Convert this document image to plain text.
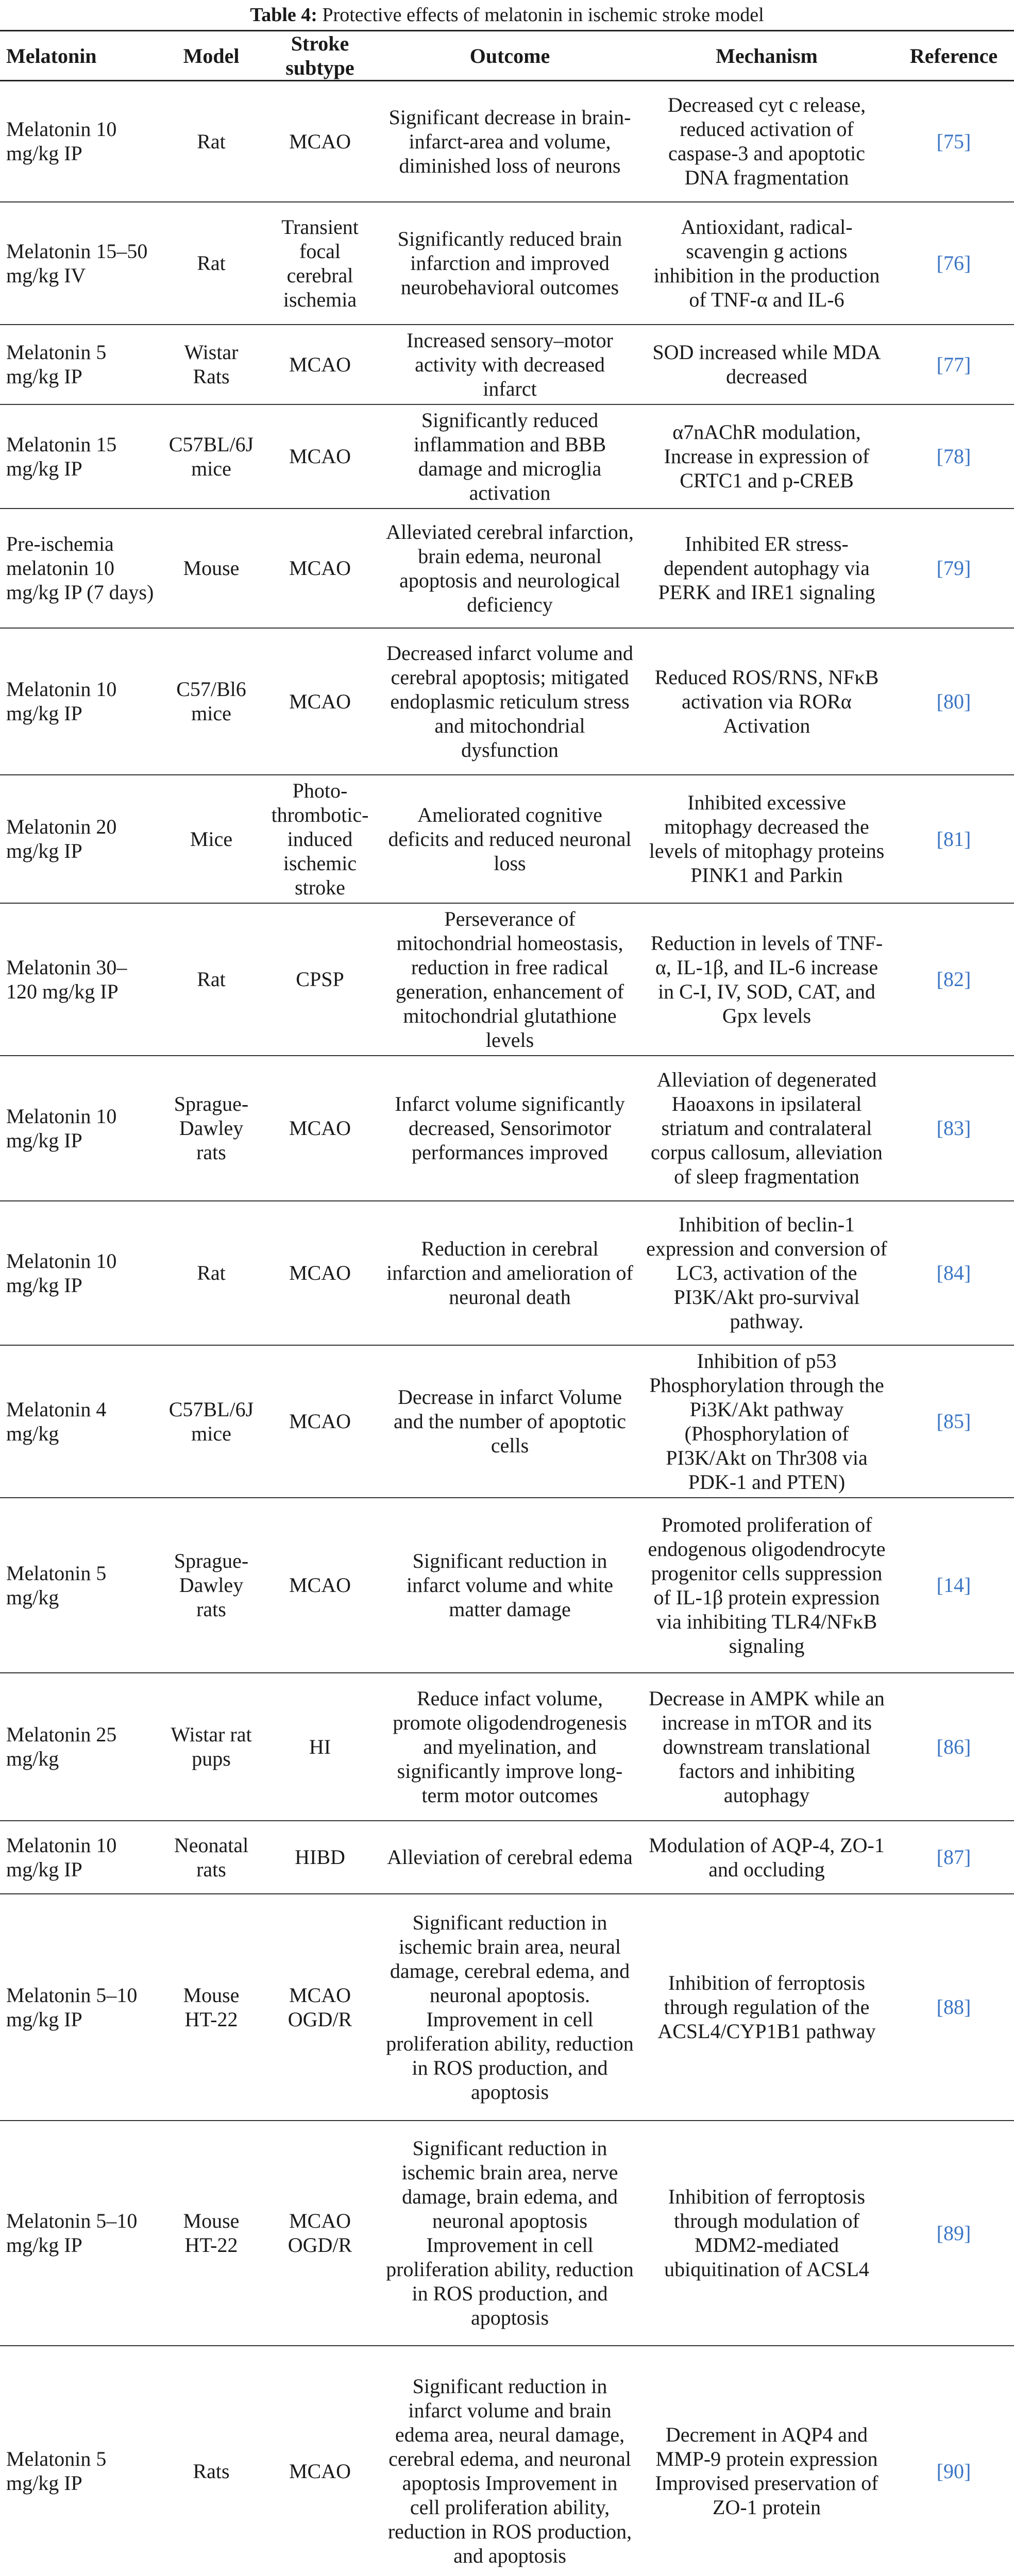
Table 4: Protective effects of melatonin in ischemic stroke model
Melatonin	Model	Stroke subtype	Outcome	Mechanism	Reference
Melatonin 10 mg/kg IP	Rat	MCAO	Significant decrease in brain-infarct-area and volume, diminished loss of neurons	Decreased cyt c release, reduced activation of caspase-3 and apoptotic DNA fragmentation	[75]
Melatonin 15–50 mg/kg IV	Rat	Transient focal cerebral ischemia	Significantly reduced brain infarction and improved neurobehavioral outcomes	Antioxidant, radical-scavengin g actions inhibition in the production of TNF-α and IL-6	[76]
Melatonin 5 mg/kg IP	Wistar Rats	MCAO	Increased sensory–motor activity with decreased infarct	SOD increased while MDA decreased	[77]
Melatonin 15 mg/kg IP	C57BL/6J mice	MCAO	Significantly reduced inflammation and BBB damage and microglia activation	α7nAChR modulation, Increase in expression of CRTC1 and p-CREB	[78]
Pre-ischemia melatonin 10 mg/kg IP (7 days)	Mouse	MCAO	Alleviated cerebral infarction, brain edema, neuronal apoptosis and neurological deficiency	Inhibited ER stress-dependent autophagy via PERK and IRE1 signaling	[79]
Melatonin 10 mg/kg IP	C57/Bl6 mice	MCAO	Decreased infarct volume and cerebral apoptosis; mitigated endoplasmic reticulum stress and mitochondrial dysfunction	Reduced ROS/RNS, NFκB activation via RORα Activation	[80]
Melatonin 20 mg/kg IP	Mice	Photo-thrombotic-induced ischemic stroke	Ameliorated cognitive deficits and reduced neuronal loss	Inhibited excessive mitophagy decreased the levels of mitophagy proteins PINK1 and Parkin	[81]
Melatonin 30–120 mg/kg IP	Rat	CPSP	Perseverance of mitochondrial homeostasis, reduction in free radical generation, enhancement of mitochondrial glutathione levels	Reduction in levels of TNF-α, IL-1β, and IL-6 increase in C-I, IV, SOD, CAT, and Gpx levels	[82]
Melatonin 10 mg/kg IP	Sprague-Dawley rats	MCAO	Infarct volume significantly decreased, Sensorimotor performances improved	Alleviation of degenerated Haoaxons in ipsilateral striatum and contralateral corpus callosum, alleviation of sleep fragmentation	[83]
Melatonin 10 mg/kg IP	Rat	MCAO	Reduction in cerebral infarction and amelioration of neuronal death	Inhibition of beclin-1 expression and conversion of LC3, activation of the PI3K/Akt pro-survival pathway.	[84]
Melatonin 4 mg/kg	C57BL/6J mice	MCAO	Decrease in infarct Volume and the number of apoptotic cells	Inhibition of p53 Phosphorylation through the Pi3K/Akt pathway (Phosphorylation of PI3K/Akt on Thr308 via PDK-1 and PTEN)	[85]
Melatonin 5 mg/kg	Sprague-Dawley rats	MCAO	Significant reduction in infarct volume and white matter damage	Promoted proliferation of endogenous oligodendrocyte progenitor cells suppression of IL-1β protein expression via inhibiting TLR4/NFκB signaling	[14]
Melatonin 25 mg/kg	Wistar rat pups	HI	Reduce infact volume, promote oligodendrogenesis and myelination, and significantly improve long-term motor outcomes	Decrease in AMPK while an increase in mTOR and its downstream translational factors and inhibiting autophagy	[86]
Melatonin 10 mg/kg IP	Neonatal rats	HIBD	Alleviation of cerebral edema	Modulation of AQP-4, ZO-1 and occluding	[87]
Melatonin 5–10 mg/kg IP	Mouse HT-22	MCAO OGD/R	Significant reduction in ischemic brain area, neural damage, cerebral edema, and neuronal apoptosis. Improvement in cell proliferation ability, reduction in ROS production, and apoptosis	Inhibition of ferroptosis through regulation of the ACSL4/CYP1B1 pathway	[88]
Melatonin 5–10 mg/kg IP	Mouse HT-22	MCAO OGD/R	Significant reduction in ischemic brain area, nerve damage, brain edema, and neuronal apoptosis Improvement in cell proliferation ability, reduction in ROS production, and apoptosis	Inhibition of ferroptosis through modulation of MDM2-mediated ubiquitination of ACSL4	[89]
Melatonin 5 mg/kg IP	Rats	MCAO	Significant reduction in infarct volume and brain edema area, neural damage, cerebral edema, and neuronal apoptosis Improvement in cell proliferation ability, reduction in ROS production, and apoptosis	Decrement in AQP4 and MMP-9 protein expression Improvised preservation of ZO-1 protein	[90]
